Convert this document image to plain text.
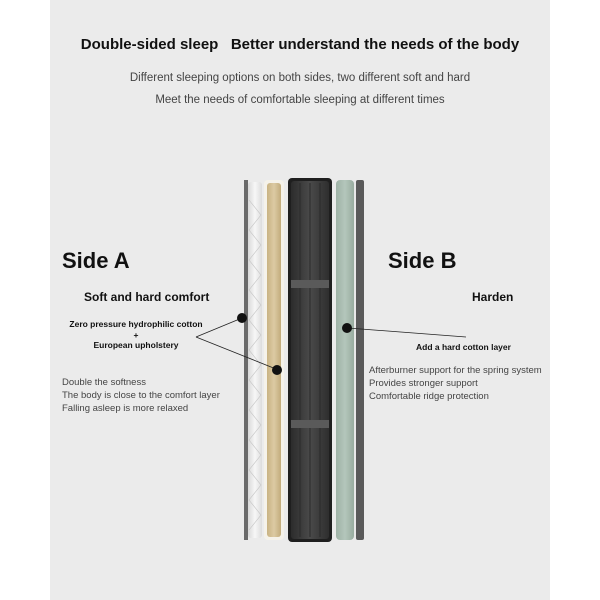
Double-sided sleep   Better understand the needs of the body
Different sleeping options on both sides, two different soft and hard
Meet the needs of comfortable sleeping at different times
Side A
Soft and hard comfort
Zero pressure hydrophilic cotton
+
European upholstery
Double the softness
The body is close to the comfort layer
Falling asleep is more relaxed
Side B
Harden
Add a hard cotton layer
Afterburner support for the spring system
Provides stronger support
Comfortable ridge protection
